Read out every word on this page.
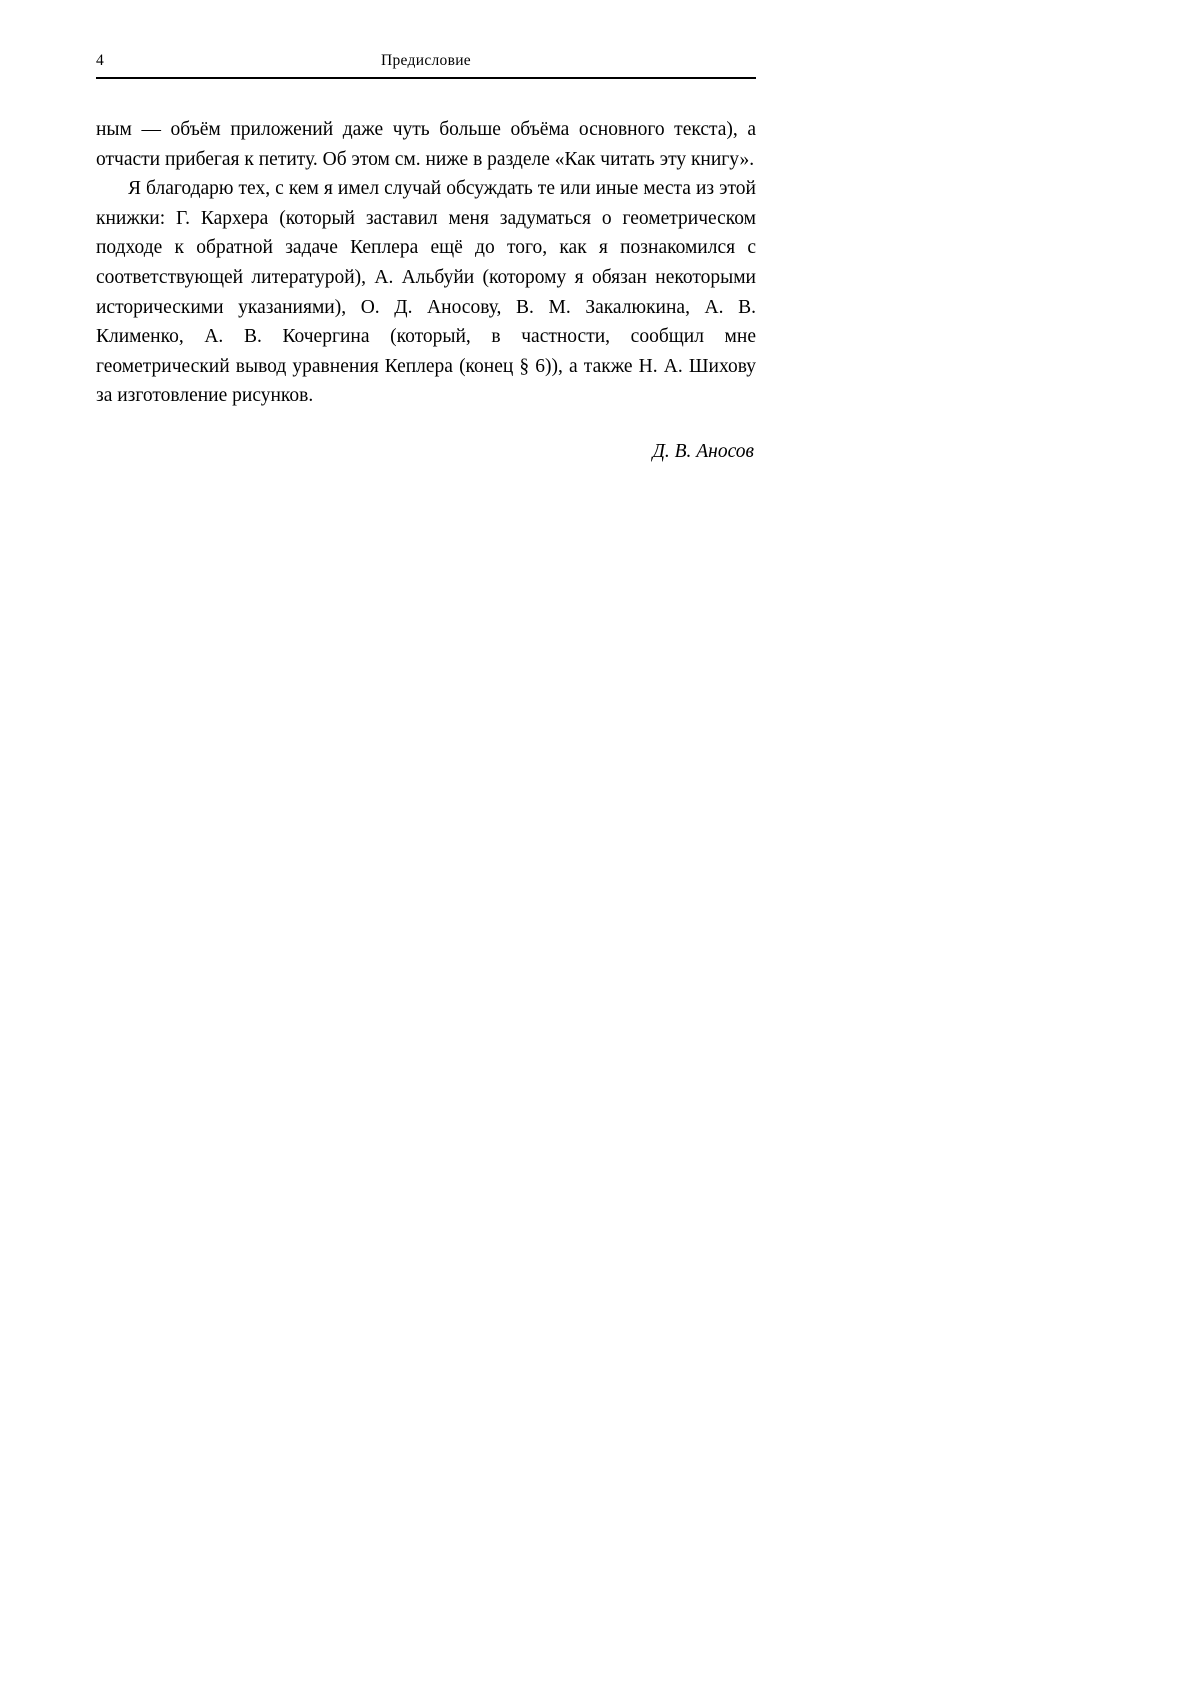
4	Предисловие

ным — объём приложений даже чуть больше объёма основного текста), а отчасти прибегая к петиту. Об этом см. ниже в разделе «Как читать эту книгу».

Я благодарю тех, с кем я имел случай обсуждать те или иные места из этой книжки: Г. Кархера (который заставил меня задуматься о геометрическом подходе к обратной задаче Кеплера ещё до того, как я познакомился с соответствующей литературой), А. Альбуйи (которому я обязан некоторыми историческими указаниями), О. Д. Аносову, В. М. Закалюкина, А. В. Клименко, А. В. Кочергина (который, в частности, сообщил мне геометрический вывод уравнения Кеплера (конец § 6)), а также Н. А. Шихову за изготовление рисунков.

Д. В. Аносов
